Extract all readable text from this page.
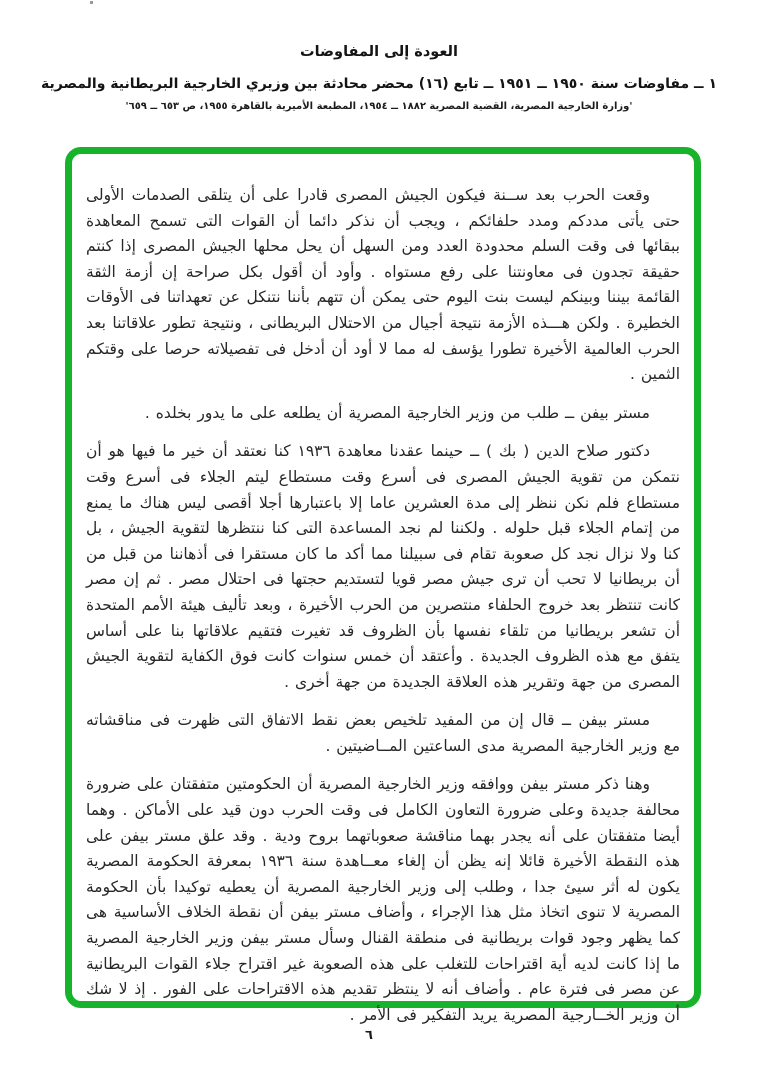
العودة إلى المفاوضات
١ ــ مفاوضات سنة ١٩٥٠ ــ ١٩٥١ ــ تابع (١٦) محضر محادثة بين وزيري الخارجية البريطانية والمصرية
'وزارة الخارجية المصرية، القضية المصرية ١٨٨٢ ــ ١٩٥٤، المطبعة الأميرية بالقاهرة ١٩٥٥، ص ٦٥٣ ــ ٦٥٩'

وقعت الحرب بعد ســنة فيكون الجيش المصرى قادرا على أن يتلقى الصدمات الأولى حتى يأتى مددكم ومدد حلفائكم ، ويجب أن نذكر دائما أن القوات التى تسمح المعاهدة ببقائها فى وقت السلم محدودة العدد ومن السهل أن يحل محلها الجيش المصرى إذا كنتم حقيقة تجدون فى معاونتنا على رفع مستواه . وأود أن أقول بكل صراحة إن أزمة الثقة القائمة بيننا وبينكم ليست بنت اليوم حتى يمكن أن تتهم بأننا نتنكل عن تعهداتنا فى الأوقات الخطيرة . ولكن هـــذه الأزمة نتيجة أجيال من الاحتلال البريطانى ، ونتيجة تطور علاقاتنا بعد الحرب العالمية الأخيرة تطورا يؤسف له مما لا أود أن أدخل فى تفصيلاته حرصا على وقتكم الثمين .

مستر بيفن ــ طلب من وزير الخارجية المصرية أن يطلعه على ما يدور بخلده .

دكتور صلاح الدين ( بك ) ــ حينما عقدنا معاهدة ١٩٣٦ كنا نعتقد أن خير ما فيها هو أن نتمكن من تقوية الجيش المصرى فى أسرع وقت مستطاع ليتم الجلاء فى أسرع وقت مستطاع فلم نكن ننظر إلى مدة العشرين عاما إلا باعتبارها أجلا أقصى ليس هناك ما يمنع من إتمام الجلاء قبل حلوله . ولكننا لم نجد المساعدة التى كنا ننتظرها لتقوية الجيش ، بل كنا ولا نزال نجد كل صعوبة تقام فى سبيلنا مما أكد ما كان مستقرا فى أذهاننا من قبل من أن بريطانيا لا تحب أن ترى جيش مصر قويا لتستديم حجتها فى احتلال مصر . ثم إن مصر كانت تنتظر بعد خروج الحلفاء منتصرين من الحرب الأخيرة ، وبعد تأليف هيئة الأمم المتحدة أن تشعر بريطانيا من تلقاء نفسها بأن الظروف قد تغيرت فتقيم علاقاتها بنا على أساس يتفق مع هذه الظروف الجديدة . وأعتقد أن خمس سنوات كانت فوق الكفاية لتقوية الجيش المصرى من جهة وتقرير هذه العلاقة الجديدة من جهة أخرى .

مستر بيفن ــ قال إن من المفيد تلخيص بعض نقط الاتفاق التى ظهرت فى مناقشاته مع وزير الخارجية المصرية مدى الساعتين المــاضيتين .

وهنا ذكر مستر بيفن ووافقه وزير الخارجية المصرية أن الحكومتين متفقتان على ضرورة محالفة جديدة وعلى ضرورة التعاون الكامل فى وقت الحرب دون قيد على الأماكن . وهما أيضا متفقتان على أنه يجدر بهما مناقشة صعوباتهما بروح ودية . وقد علق مستر بيفن على هذه النقطة الأخيرة قائلا إنه يظن أن إلغاء معــاهدة سنة ١٩٣٦ بمعرفة الحكومة المصرية يكون له أثر سيئ جدا ، وطلب إلى وزير الخارجية المصرية أن يعطيه توكيدا بأن الحكومة المصرية لا تنوى اتخاذ مثل هذا الإجراء ، وأضاف مستر بيفن أن نقطة الخلاف الأساسية هى كما يظهر وجود قوات بريطانية فى منطقة القنال وسأل مستر بيفن وزير الخارجية المصرية ما إذا كانت لديه أية اقتراحات للتغلب على هذه الصعوبة غير اقتراح جلاء القوات البريطانية عن مصر فى فترة عام . وأضاف أنه لا ينتظر تقديم هذه الاقتراحات على الفور . إذ لا شك أن وزير الخــارجية المصرية يريد التفكير فى الأمر .

٦
